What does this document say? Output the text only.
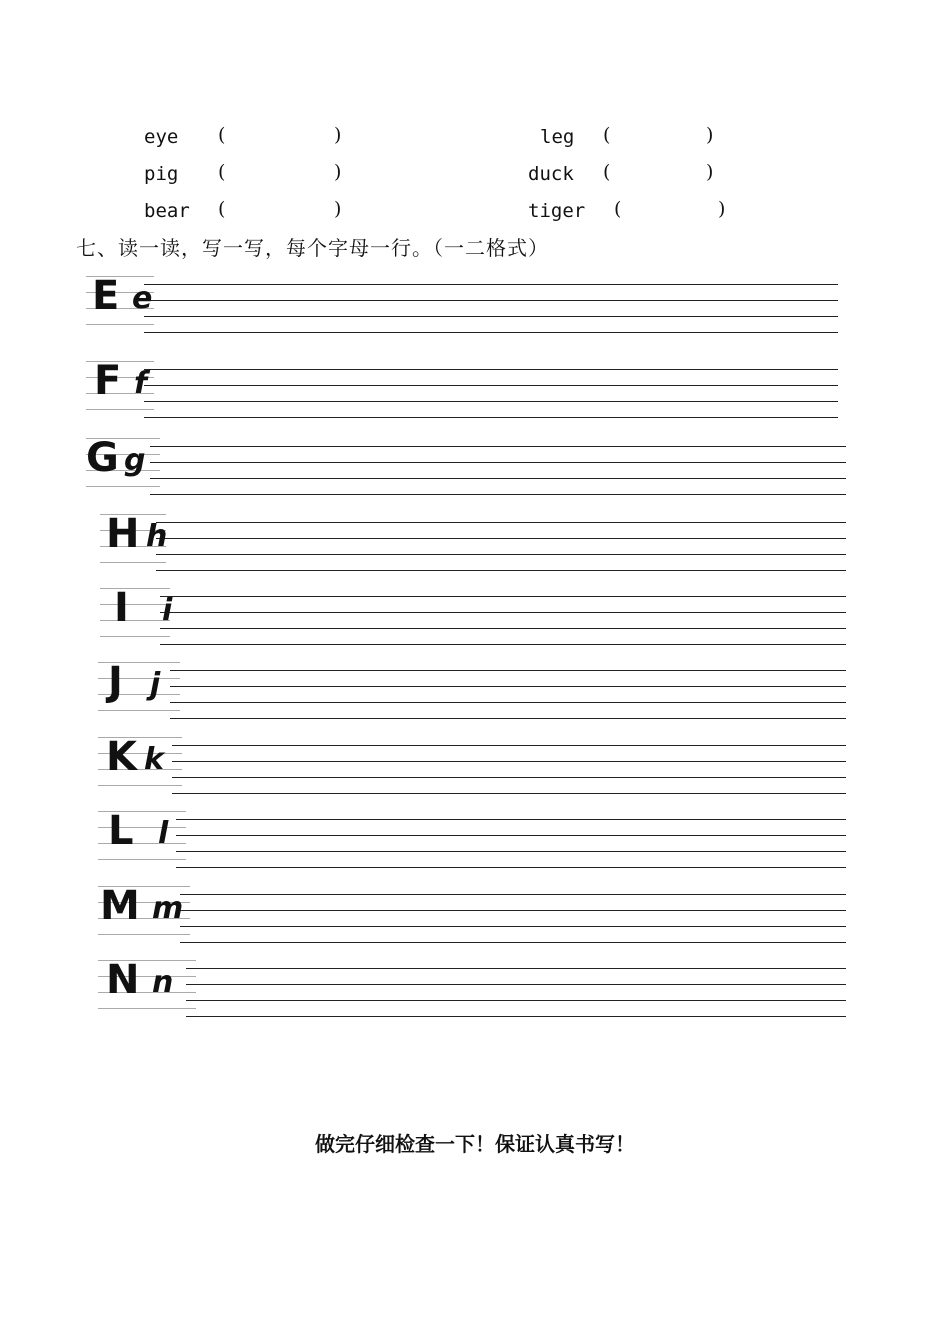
eye (	)	leg (	)
pig (	)	duck (	)
bear (	)	tiger (	)
七、读一读，写一写，每个字母一行。（一二格式）
E e
F f
G g
H h
I i
J j
K k
L l
M m
N n
做完仔细检查一下！保证认真书写！
